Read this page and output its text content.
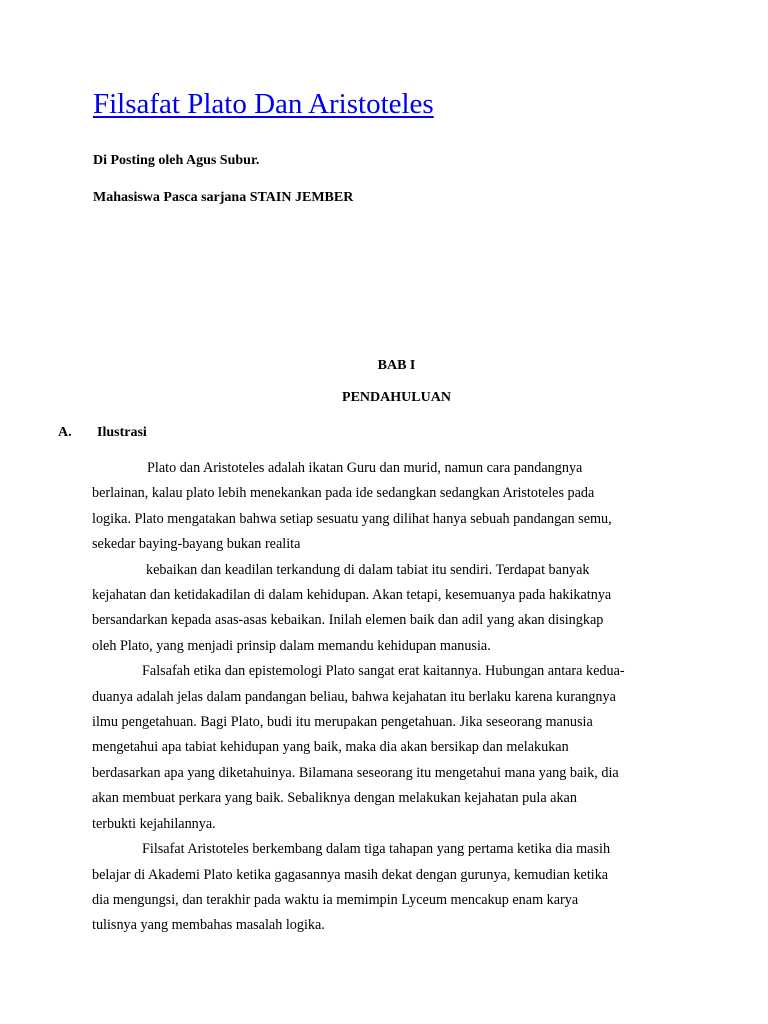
Filsafat Plato Dan Aristoteles
Di Posting oleh Agus Subur.
Mahasiswa Pasca sarjana STAIN JEMBER
BAB I
PENDAHULUAN
A. Ilustrasi

Plato dan Aristoteles adalah ikatan Guru dan murid, namun cara pandangnya

berlainan, kalau plato lebih menekankan pada ide sedangkan sedangkan Aristoteles pada

logika. Plato mengatakan bahwa setiap sesuatu yang dilihat hanya sebuah pandangan semu,

sekedar baying-bayang bukan realita

kebaikan dan keadilan terkandung di dalam tabiat itu sendiri. Terdapat banyak

kejahatan dan ketidakadilan di dalam kehidupan. Akan tetapi, kesemuanya pada hakikatnya

bersandarkan kepada asas-asas kebaikan. Inilah elemen baik dan adil yang akan disingkap

oleh Plato, yang menjadi prinsip dalam memandu kehidupan manusia.

Falsafah etika dan epistemologi Plato sangat erat kaitannya. Hubungan antara kedua-

duanya adalah jelas dalam pandangan beliau, bahwa kejahatan itu berlaku karena kurangnya

ilmu pengetahuan. Bagi Plato, budi itu merupakan pengetahuan. Jika seseorang manusia

mengetahui apa tabiat kehidupan yang baik, maka dia akan bersikap dan melakukan

berdasarkan apa yang diketahuinya. Bilamana seseorang itu mengetahui mana yang baik, dia

akan membuat perkara yang baik. Sebaliknya dengan melakukan kejahatan pula akan

terbukti kejahilannya.

Filsafat Aristoteles berkembang dalam tiga tahapan yang pertama ketika dia masih

belajar di Akademi Plato ketika gagasannya masih dekat dengan gurunya, kemudian ketika

dia mengungsi, dan terakhir pada waktu ia memimpin Lyceum mencakup enam karya

tulisnya yang membahas masalah logika.
